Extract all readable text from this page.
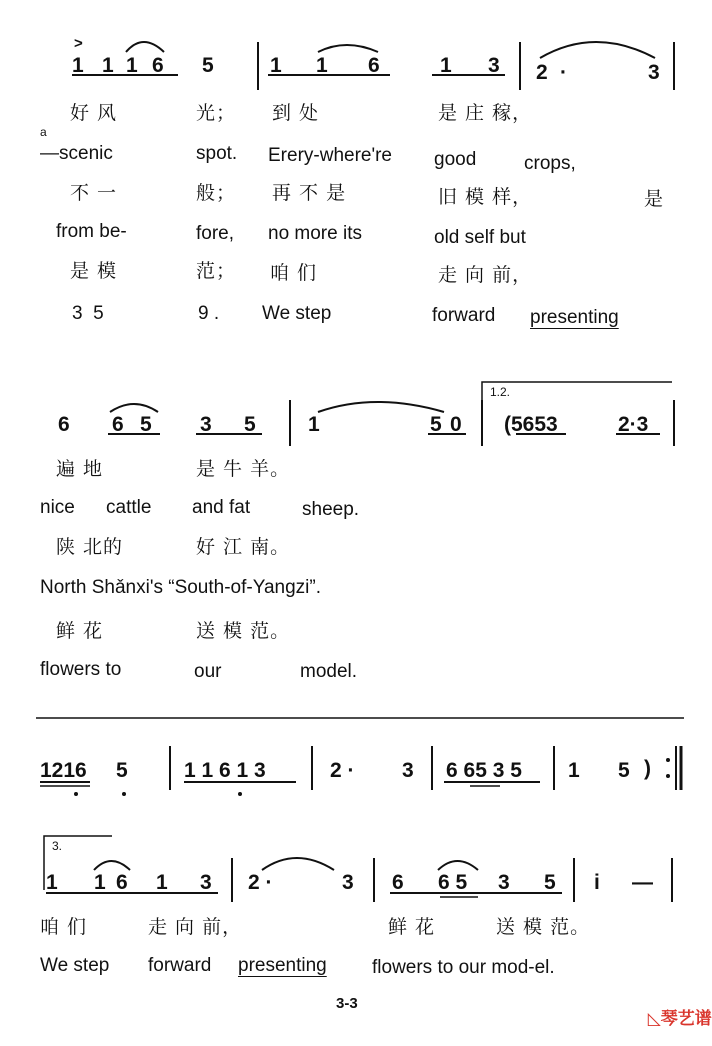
>
1 1 1 6 5	1 1 6	1 3 2 ·	3
a
好 风	光； 到 处	是 庄 稼，
—scenic	spot. Erery-where're good	crops,
不 一	般； 再 不 是	旧 模 样，	是
from be-	fore, no more its	old self but
是 模	范； 咱 们	走 向 前，
3  5	9 . We step	forward presenting
1.2.
6 6 5 3 5 1	5 0 (5653	2·3
遍 地	是 牛 羊。
nice cattle and fat	sheep.
陕 北的	好 江 南。
North Shǎnxi's “South-of-Yangzi”.
鲜 花	送 模 范。
flowers to	our	model.
1216 5	1 1 6 1 3	2 · 3 6 65 3 5 1 5 )
3.
1 1 6 1 3 2 ·	3 6 6 5 3 5 i —
咱 们	走 向 前，	鲜 花	送 模 范。
We step forward presenting flowers to our mod-el.
3-3

◺琴艺谱
